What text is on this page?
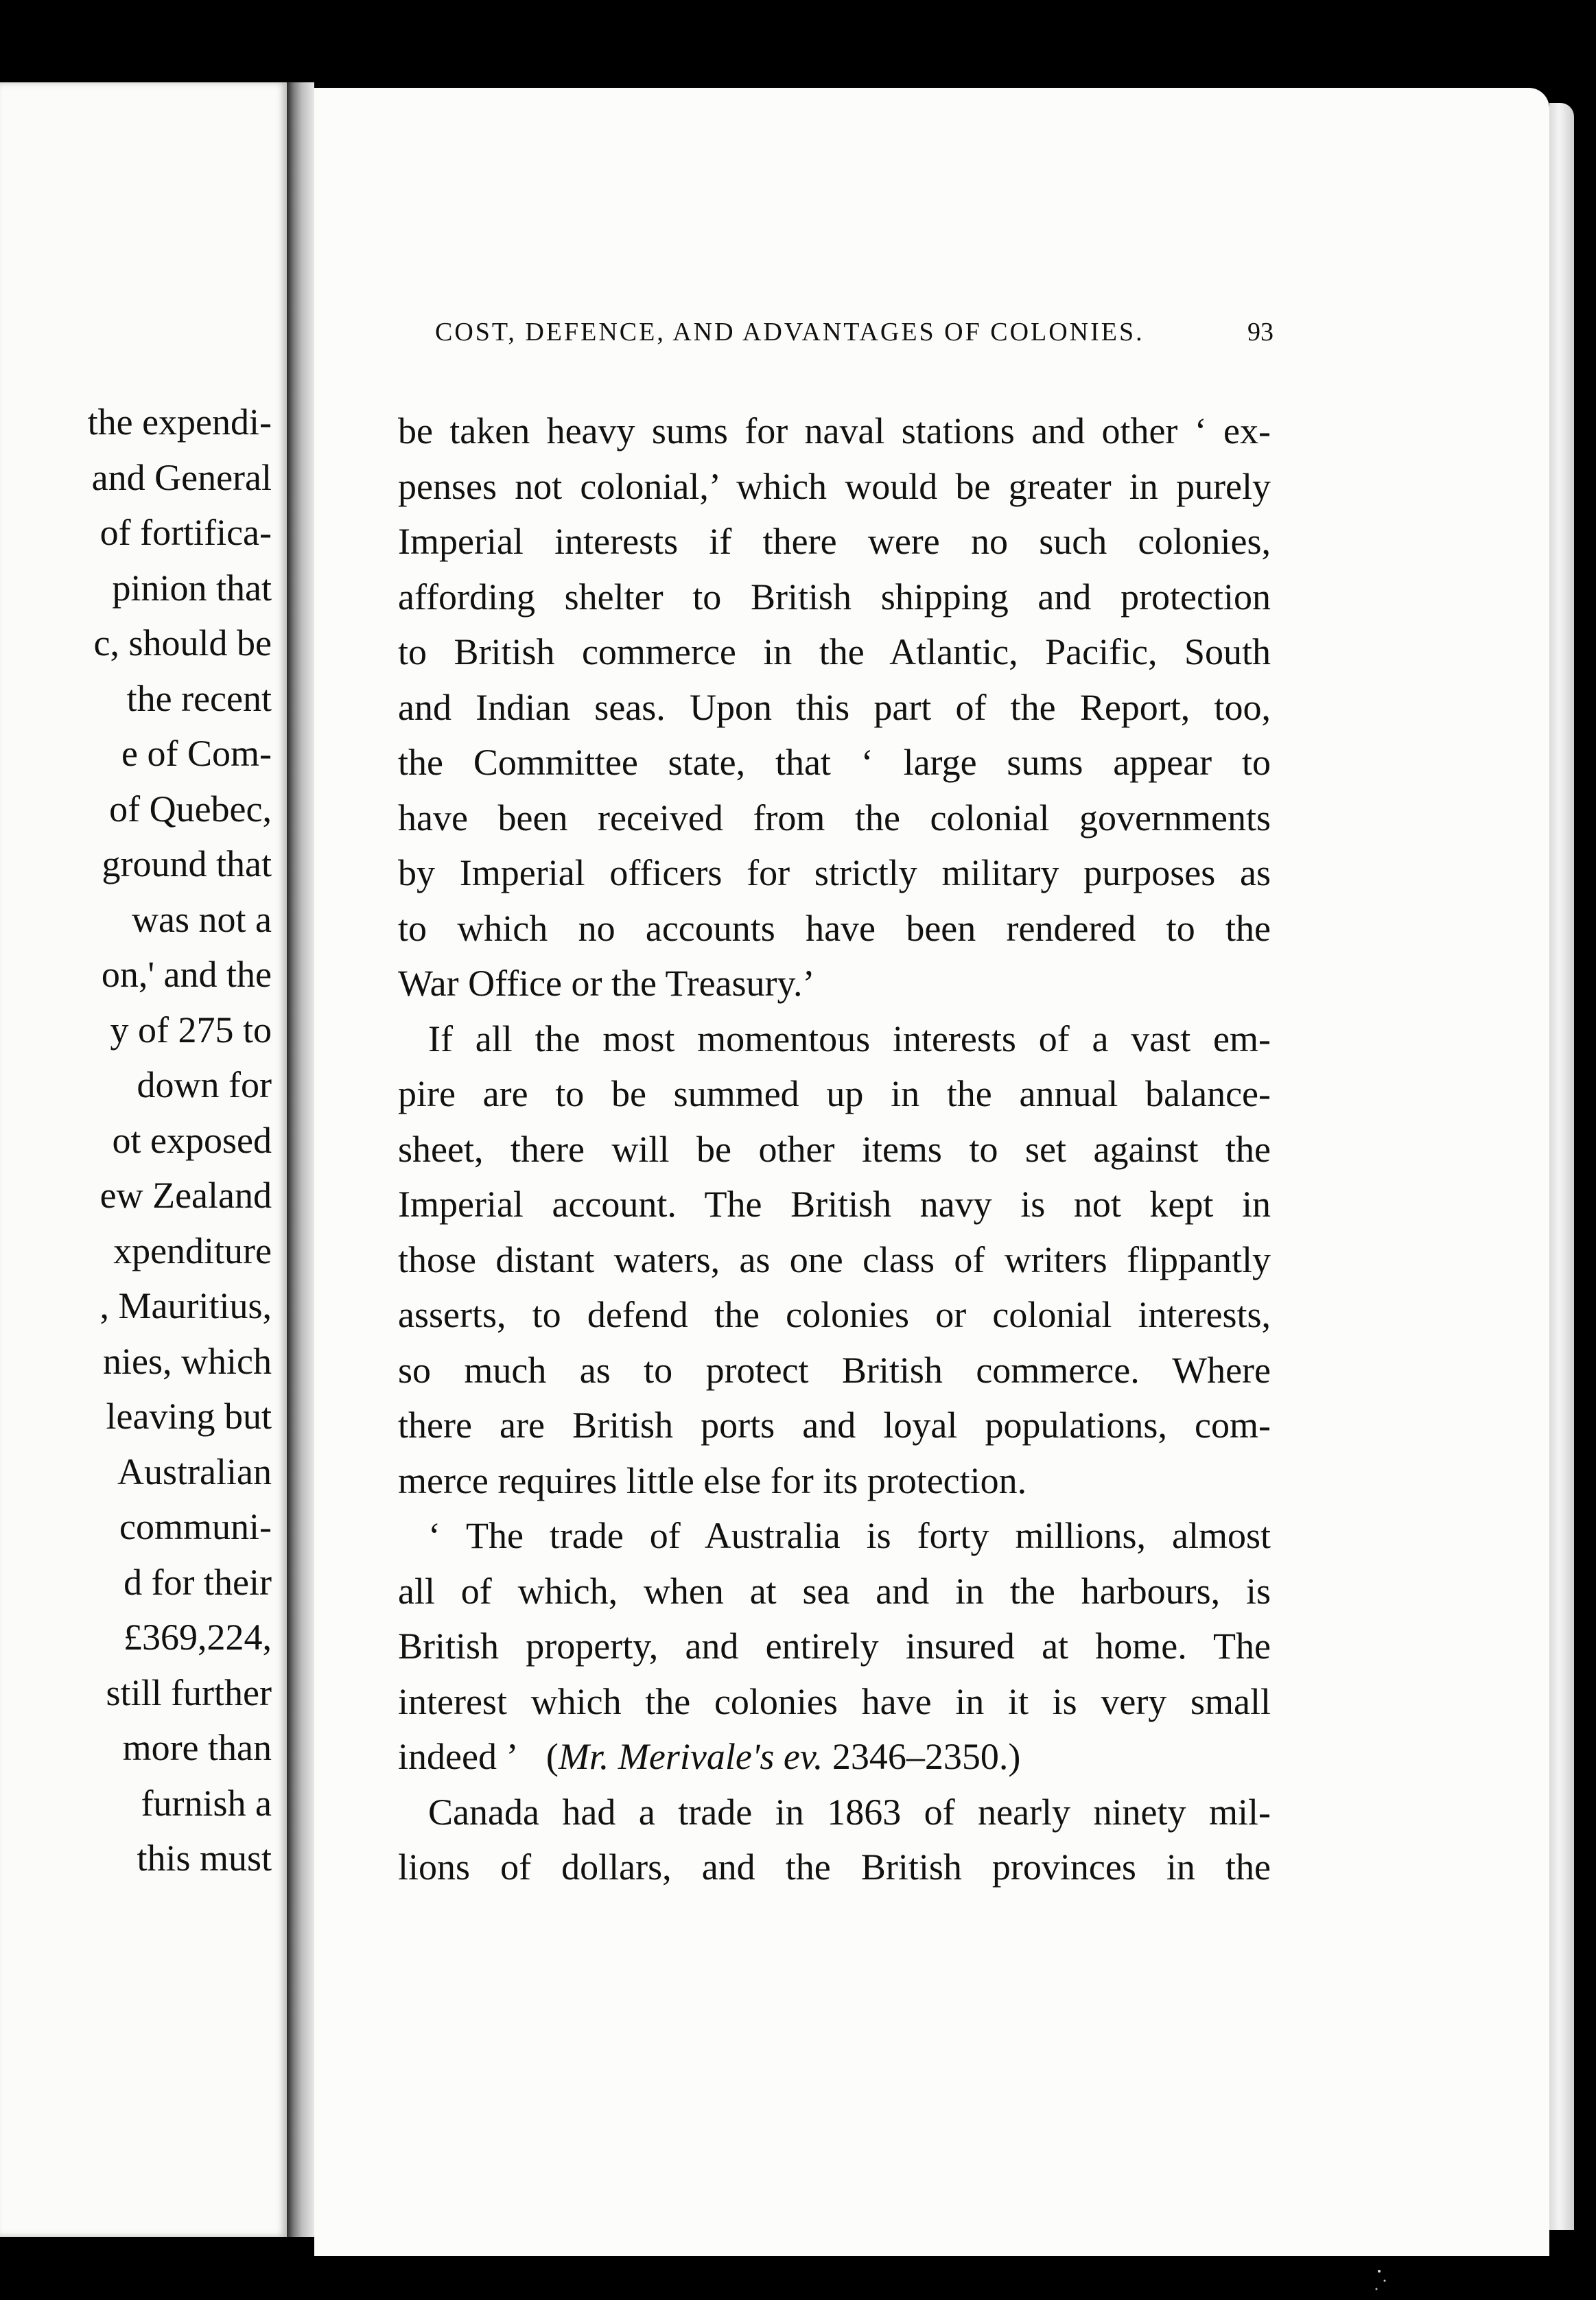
the expendi-
and General
of fortifica-
pinion that
c, should be
the recent
e of Com-
of Quebec,
ground that
was not a
on,' and the
y of 275 to
down for
ot exposed
ew Zealand
xpenditure
, Mauritius,
nies, which
leaving but
Australian
communi-
d for their
£369,224,
still further
more than
furnish a
this must
COST, DEFENCE, AND ADVANTAGES OF COLONIES.	93
be taken heavy sums for naval stations and other ‘ ex-
penses not colonial,’ which would be greater in purely
Imperial interests if there were no such colonies,
affording shelter to British shipping and protection
to British commerce in the Atlantic, Pacific, South
and Indian seas. Upon this part of the Report, too,
the Committee state, that ‘ large sums appear to
have been received from the colonial governments
by Imperial officers for strictly military purposes as
to which no accounts have been rendered to the
War Office or the Treasury.’
If all the most momentous interests of a vast em-
pire are to be summed up in the annual balance-
sheet, there will be other items to set against the
Imperial account. The British navy is not kept in
those distant waters, as one class of writers flippantly
asserts, to defend the colonies or colonial interests,
so much as to protect British commerce. Where
there are British ports and loyal populations, com-
merce requires little else for its protection.
‘ The trade of Australia is forty millions, almost
all of which, when at sea and in the harbours, is
British property, and entirely insured at home. The
interest which the colonies have in it is very small
indeed ’ (Mr. Merivale's ev. 2346–2350.)
Canada had a trade in 1863 of nearly ninety mil-
lions of dollars, and the British provinces in the
